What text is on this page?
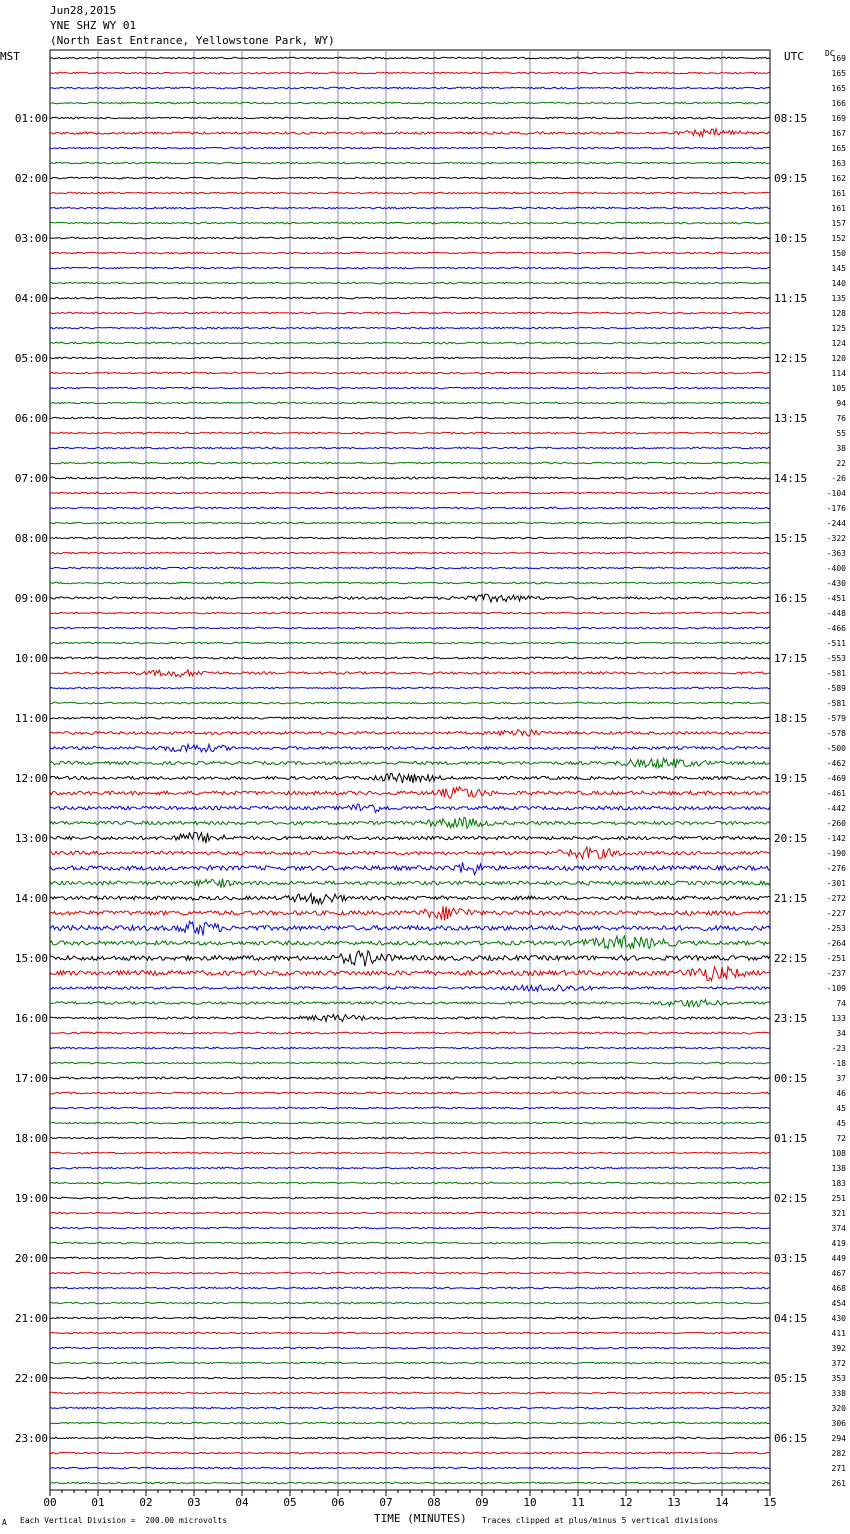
Jun28,2015
YNE SHZ WY 01
(North East Entrance, Yellowstone Park, WY)
MST	UTC	DC
00	01	02	03	04	05	06	07	08	09	10	11	12	13	14	15
169
165
165
166
169
01:00	08:15
167
165
163
162
02:00	09:15
161
161
157
152
03:00	10:15
150
145
140
135
04:00	11:15
128
125
124
120
05:00	12:15
114
105
94
76
06:00	13:15
55
38
22
-26
07:00	14:15
-104
-176
-244
-322
08:00	15:15
-363
-400
-430
-451
09:00	16:15
-448
-466
-511
-553
10:00	17:15
-581
-589
-581
-579
11:00	18:15
-578
-500
-462
-469
12:00	19:15
-461
-442
-260
-142
13:00	20:15
-190
-276
-301
-272
14:00	21:15
-227
-253
-264
-251
15:00	22:15
-237
-109
74
133
16:00	23:15
34
-23
-18
37
17:00	00:15
46
45
45
72
18:00	01:15
108
138
183
251
19:00	02:15
321
374
419
449
20:00	03:15
467
468
454
430
21:00	04:15
411
392
372
353
22:00	05:15
338
320
306
294
23:00	06:15
282
271
261
A Each Vertical Division =  200.00 microvolts	TIME (MINUTES) Traces clipped at plus/minus 5 vertical divisions
